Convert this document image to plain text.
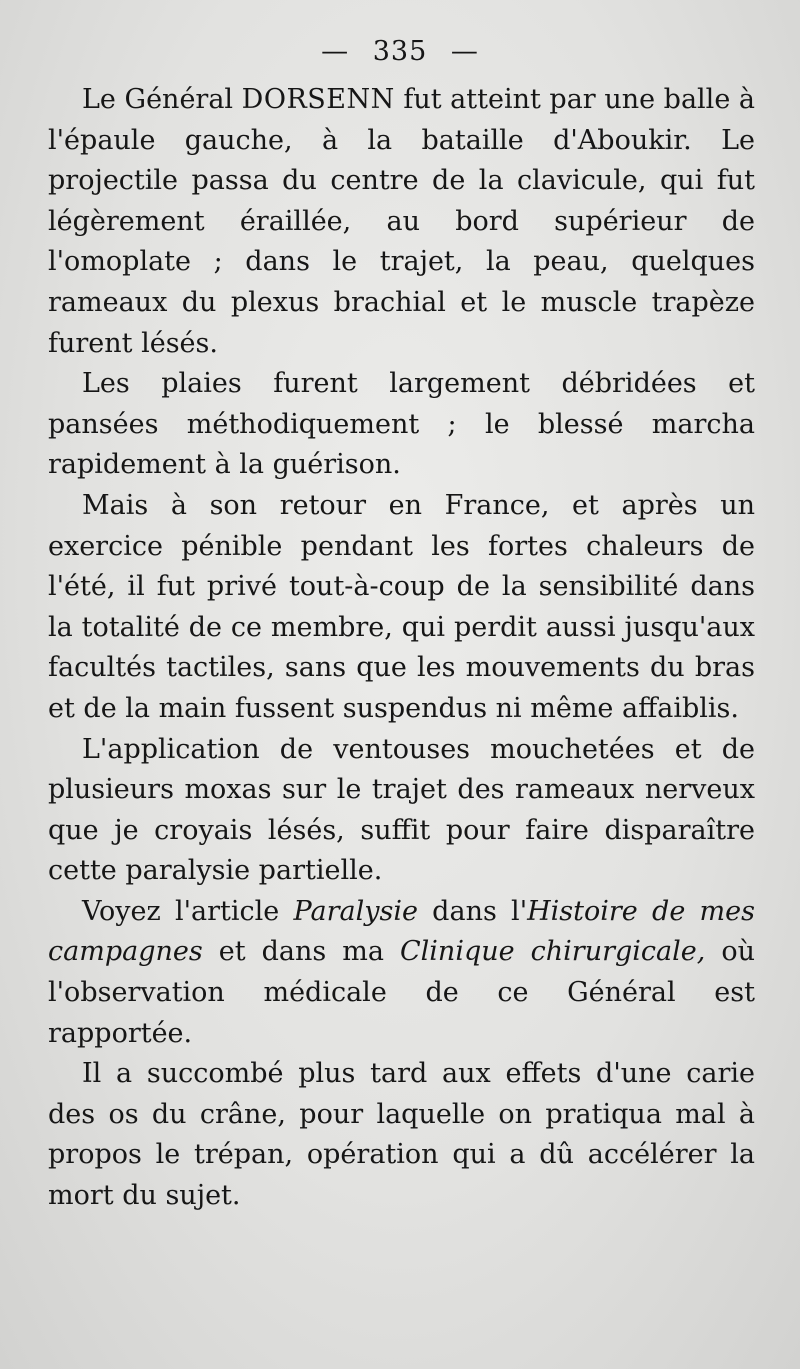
— 335 —

Le Général DORSENN fut atteint par une balle à l'épaule gauche, à la bataille d'Aboukir. Le projectile passa du centre de la clavicule, qui fut légèrement éraillée, au bord supérieur de l'omoplate ; dans le trajet, la peau, quelques rameaux du plexus brachial et le muscle trapèze furent lésés.

Les plaies furent largement débridées et pansées méthodiquement ; le blessé marcha rapidement à la guérison.

Mais à son retour en France, et après un exercice pénible pendant les fortes chaleurs de l'été, il fut privé tout-à-coup de la sensibilité dans la totalité de ce membre, qui perdit aussi jusqu'aux facultés tactiles, sans que les mouvements du bras et de la main fussent suspendus ni même affaiblis.

L'application de ventouses mouchetées et de plusieurs moxas sur le trajet des rameaux nerveux que je croyais lésés, suffit pour faire disparaître cette paralysie partielle.

Voyez l'article Paralysie dans l'Histoire de mes campagnes et dans ma Clinique chirurgicale, où l'observation médicale de ce Général est rapportée.

Il a succombé plus tard aux effets d'une carie des os du crâne, pour laquelle on pratiqua mal à propos le trépan, opération qui a dû accélérer la mort du sujet.
